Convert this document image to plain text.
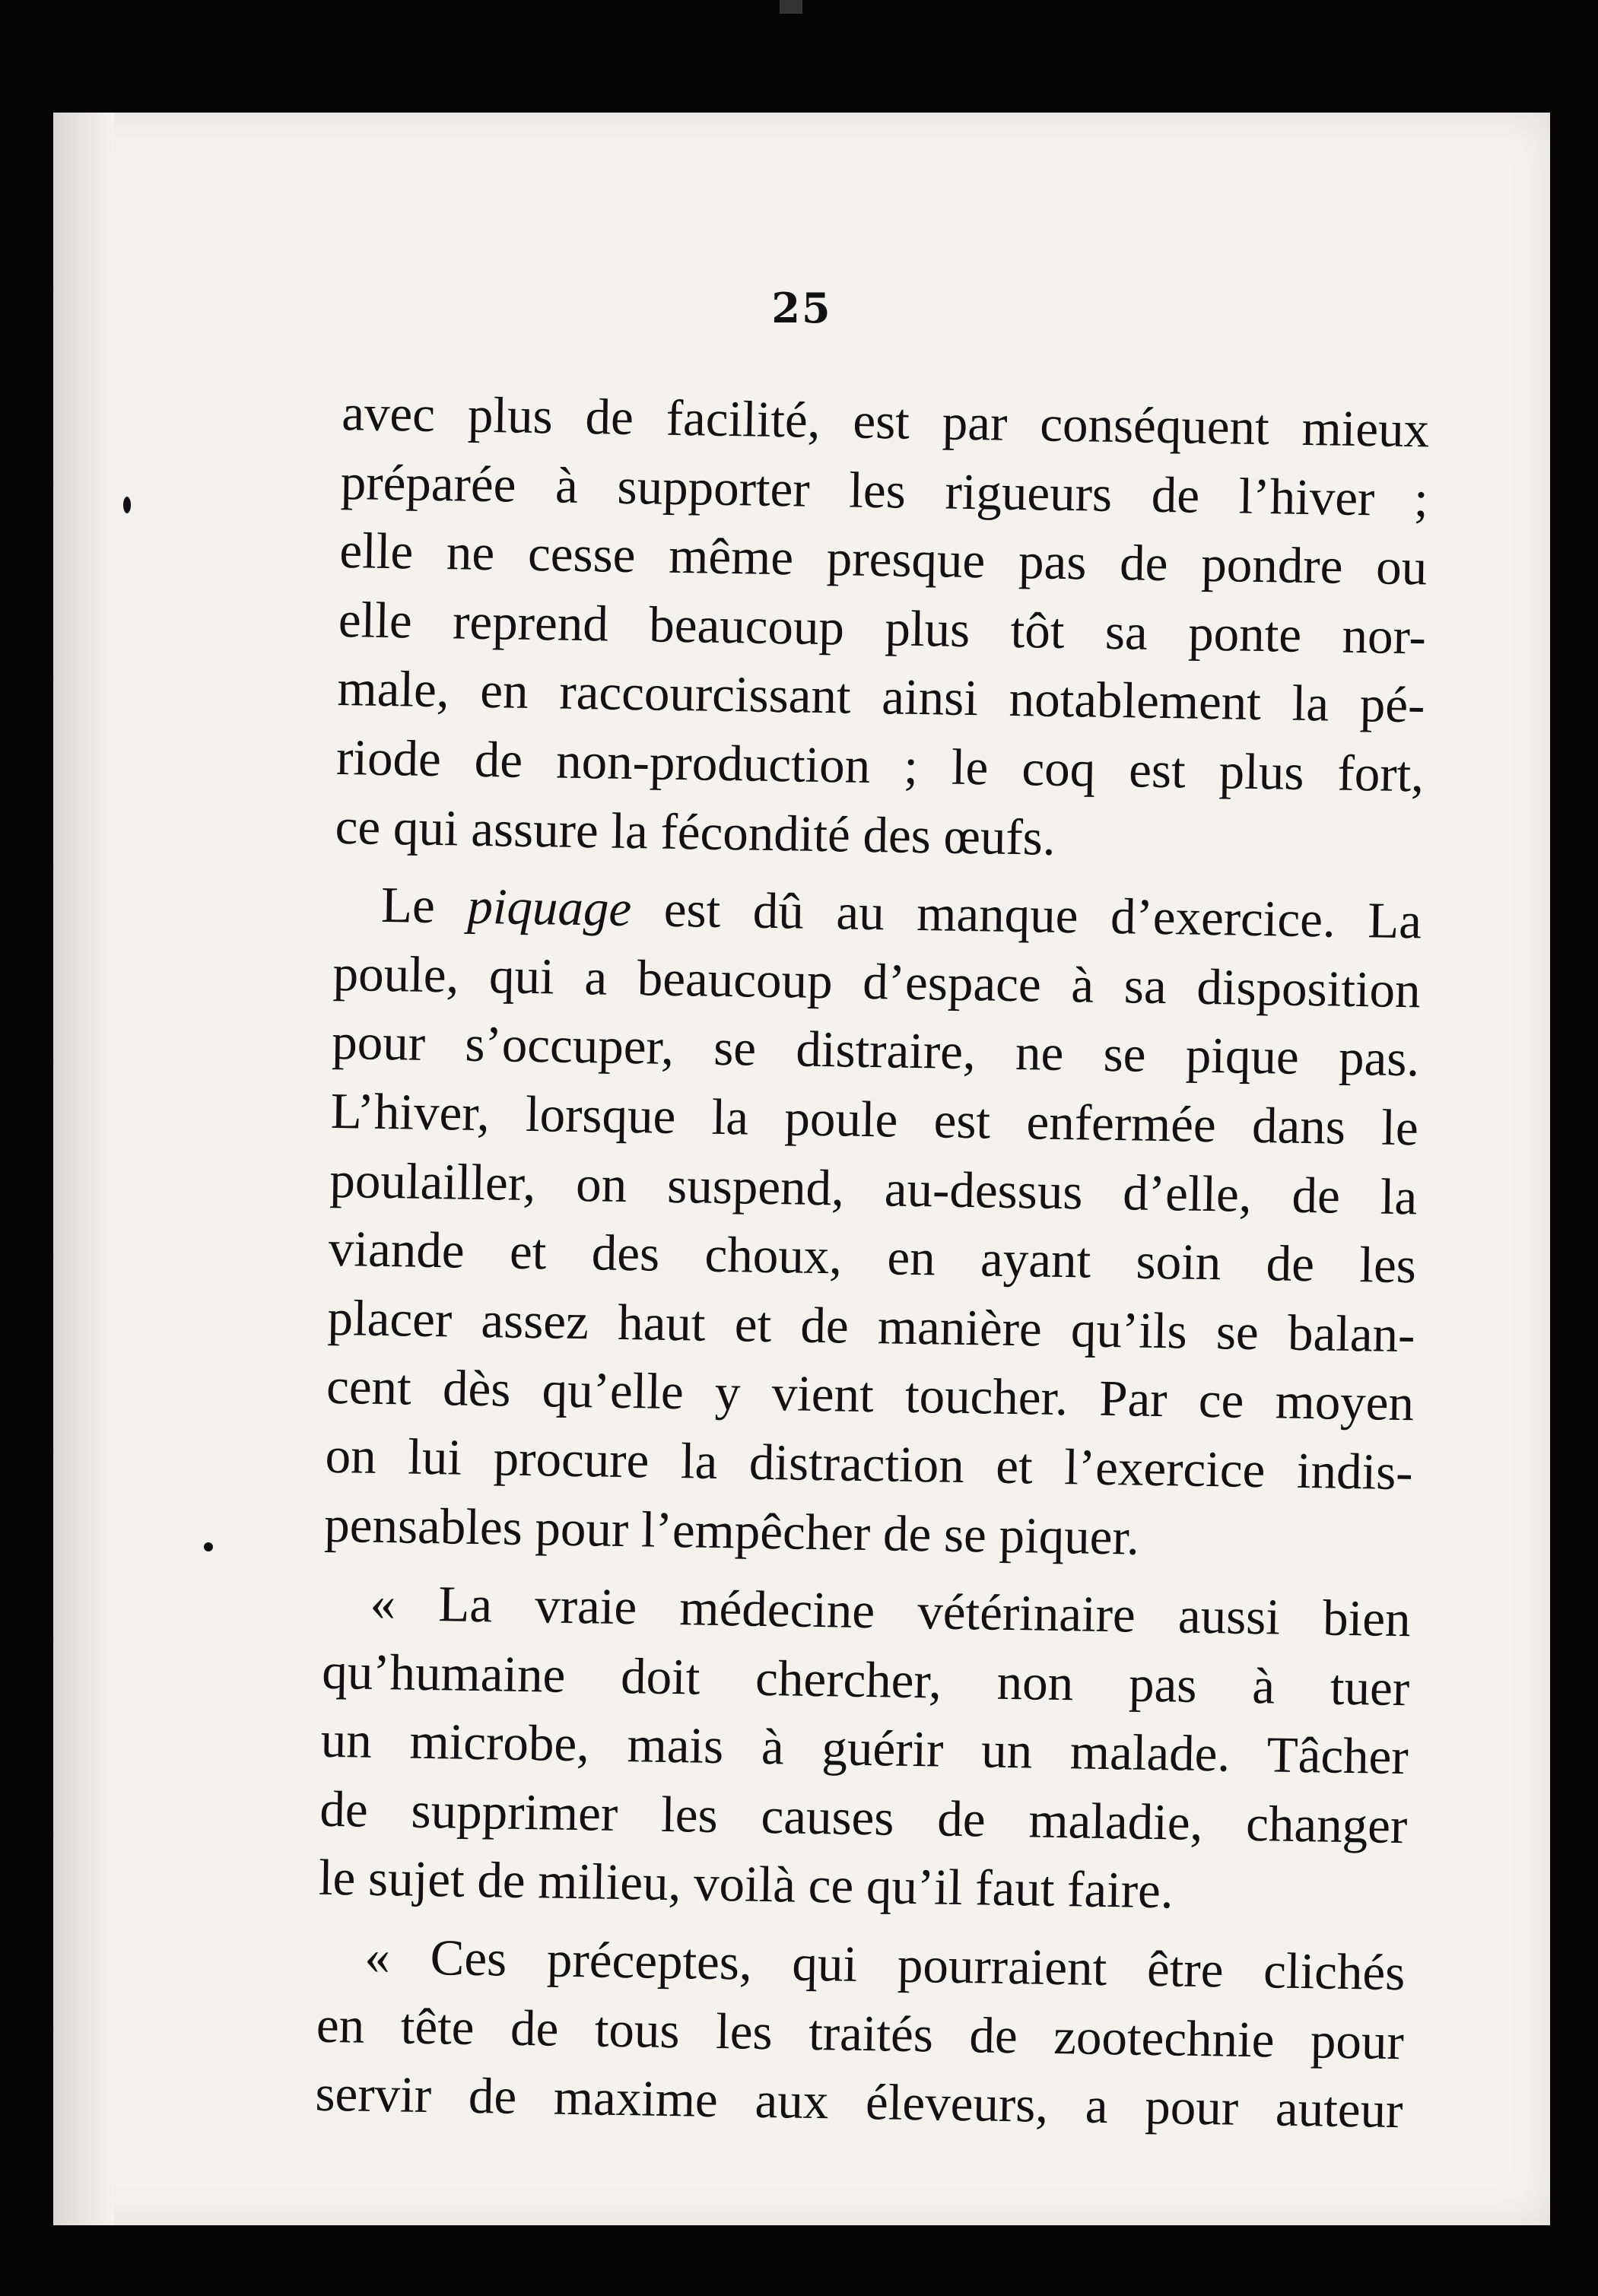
25

avec plus de facilité, est par conséquent mieux
préparée à supporter les rigueurs de l’hiver ;
elle ne cesse même presque pas de pondre ou
elle reprend beaucoup plus tôt sa ponte nor-
male, en raccourcissant ainsi notablement la pé-
riode de non-production ; le coq est plus fort,
ce qui assure la fécondité des œufs.

Le piquage est dû au manque d’exercice. La
poule, qui a beaucoup d’espace à sa disposition
pour s’occuper, se distraire, ne se pique pas.
L’hiver, lorsque la poule est enfermée dans le
poulailler, on suspend, au-dessus d’elle, de la
viande et des choux, en ayant soin de les
placer assez haut et de manière qu’ils se balan-
cent dès qu’elle y vient toucher. Par ce moyen
on lui procure la distraction et l’exercice indis-
pensables pour l’empêcher de se piquer.

« La vraie médecine vétérinaire aussi bien
qu’humaine doit chercher, non pas à tuer
un microbe, mais à guérir un malade. Tâcher
de supprimer les causes de maladie, changer
le sujet de milieu, voilà ce qu’il faut faire.

« Ces préceptes, qui pourraient être clichés
en tête de tous les traités de zootechnie pour
servir de maxime aux éleveurs, a pour auteur
